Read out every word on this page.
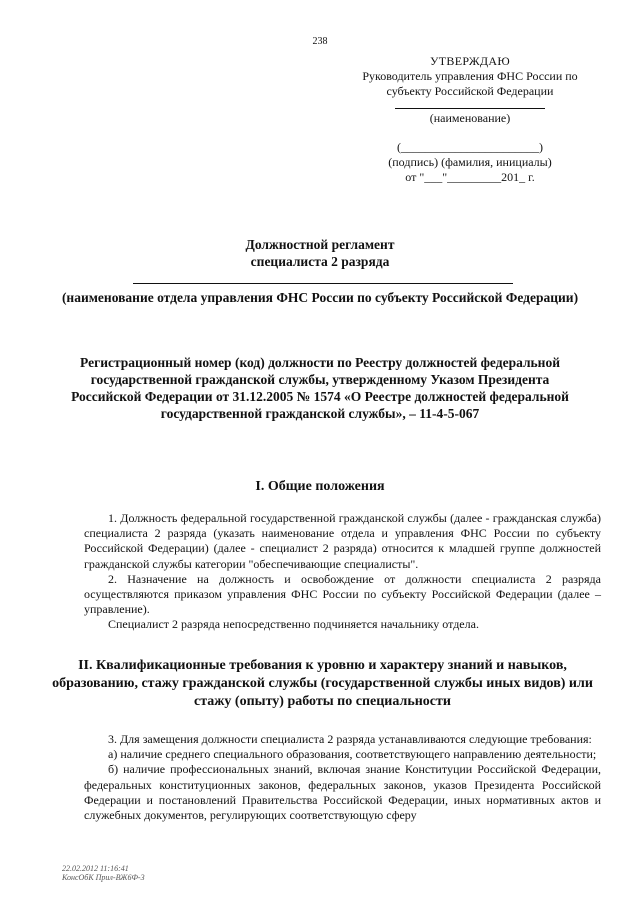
238
УТВЕРЖДАЮ
Руководитель управления ФНС России по
субъекту Российской Федерации
(наименование)
(_______________________)
(подпись) (фамилия, инициалы)
от "___"_________201_ г.
Должностной регламент
специалиста 2 разряда
(наименование отдела управления ФНС России по субъекту Российской Федерации)
Регистрационный номер (код) должности по Реестру должностей федеральной государственной гражданской службы, утвержденному Указом Президента Российской Федерации от 31.12.2005 № 1574 «О Реестре должностей федеральной государственной гражданской службы», – 11-4-5-067
I. Общие положения

1. Должность федеральной государственной гражданской службы (далее - гражданская служба) специалиста 2 разряда (указать наименование отдела и управления ФНС России по субъекту Российской Федерации) (далее - специалист 2 разряда) относится к младшей группе должностей гражданской службы категории "обеспечивающие специалисты".

2. Назначение на должность и освобождение от должности специалиста 2 разряда осуществляются приказом управления ФНС России по субъекту Российской Федерации (далее – управление).

Специалист 2 разряда непосредственно подчиняется начальнику отдела.

II. Квалификационные требования к уровню и характеру знаний и навыков, образованию, стажу гражданской службы (государственной службы иных видов) или стажу (опыту) работы по специальности

3. Для замещения должности специалиста 2 разряда устанавливаются следующие требования:

а) наличие среднего специального образования, соответствующего направлению деятельности;

б) наличие профессиональных знаний, включая знание Конституции Российской Федерации, федеральных конституционных законов, федеральных законов, указов Президента Российской Федерации и постановлений Правительства Российской Федерации, иных нормативных актов и служебных документов, регулирующих соответствующую сферу

22.02.2012 11:16:41
КонсОбК Прил-ВЖ6Ф-3
